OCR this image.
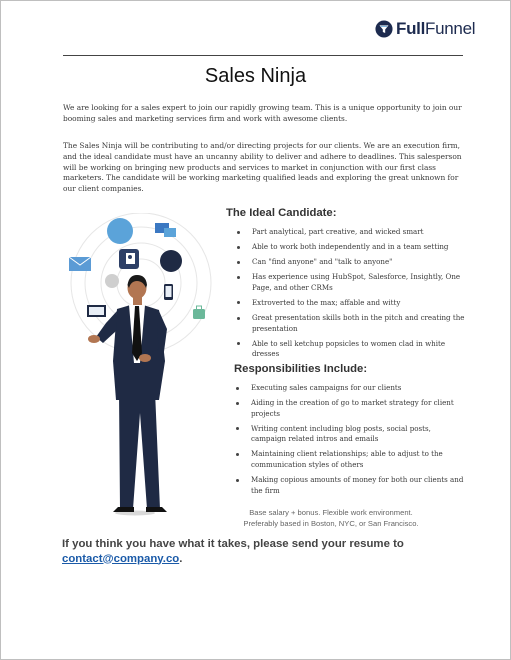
FullFunnel
Sales Ninja

We are looking for a sales expert to join our rapidly growing team. This is a unique opportunity to join our booming sales and marketing services firm and work with awesome clients.

The Sales Ninja will be contributing to and/or directing projects for our clients. We are an execution firm, and the ideal candidate must have an uncanny ability to deliver and adhere to deadlines. This salesperson will be working on bringing new products and services to market in conjunction with our first class marketers. The candidate will be working marketing qualified leads and exploring the great unknown for our client companies.

The Ideal Candidate:
Part analytical, part creative, and wicked smart
Able to work both independently and in a team setting
Can "find anyone" and "talk to anyone"
Has experience using HubSpot, Salesforce, Insightly, One Page, and other CRMs
Extroverted to the max; affable and witty
Great presentation skills both in the pitch and creating the presentation
Able to sell ketchup popsicles to women clad in white dresses
Responsibilities Include:
Executing sales campaigns for our clients
Aiding in the creation of go to market strategy for client projects
Writing content including blog posts, social posts, campaign related intros and emails
Maintaining client relationships; able to adjust to the communication styles of others
Making copious amounts of money for both our clients and the firm
Base salary + bonus. Flexible work environment.
Preferably based in Boston, NYC, or San Francisco.
If you think you have what it takes, please send your resume to
contact@company.co.
